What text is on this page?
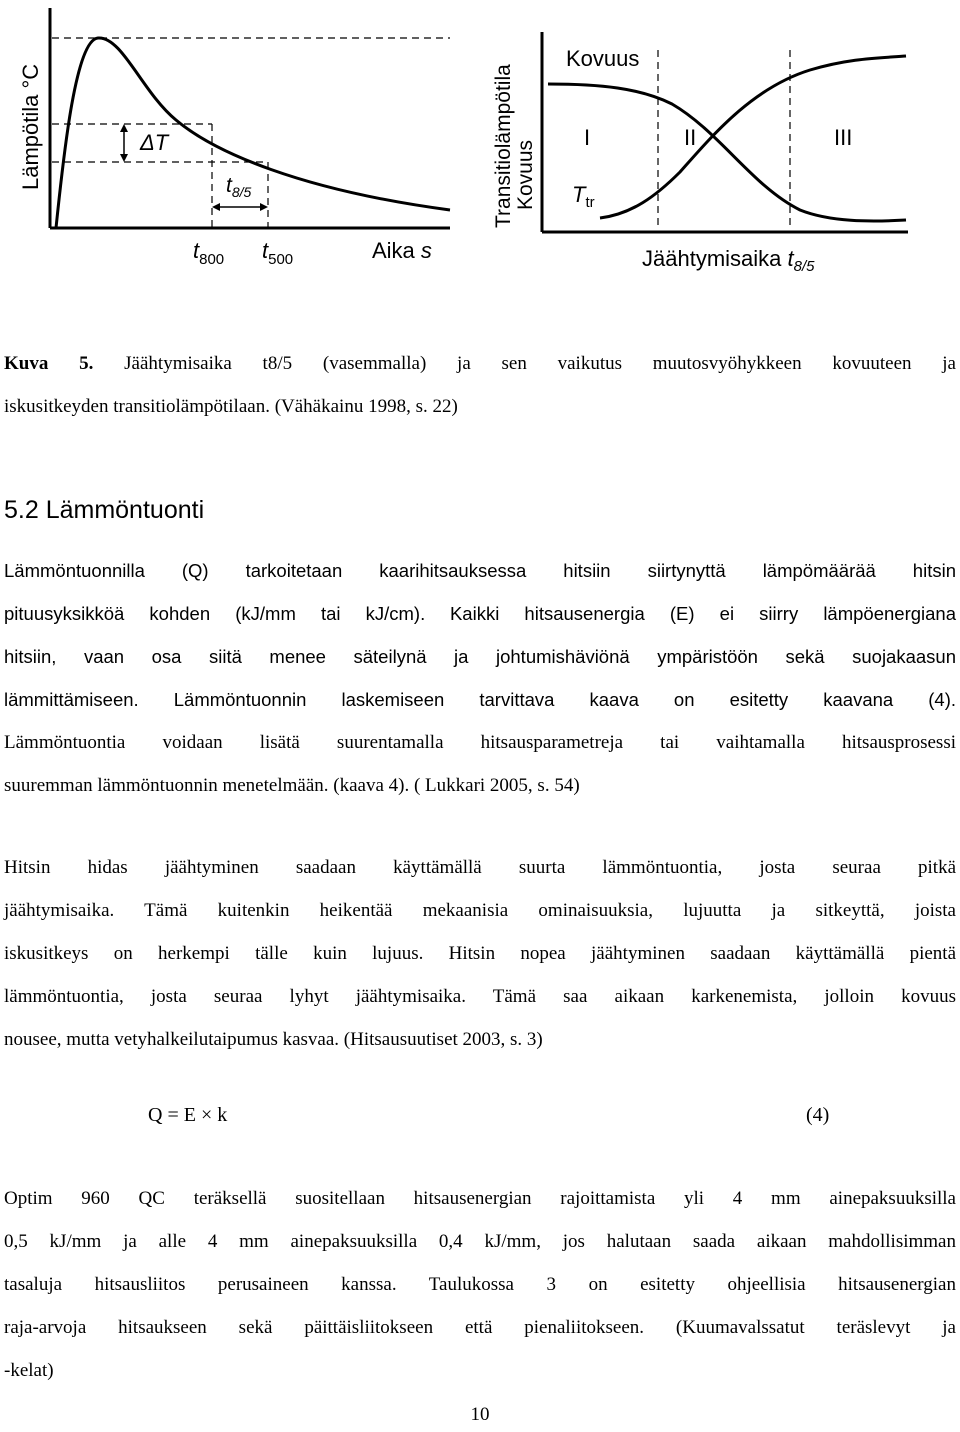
ΔT
$t_{8/5}$
$t_{800}$ $t_{500}$	Aika s
Lämpötila °C
Kovuus
I	II	III
$T_{tr}$
Jäähtymisaika $t_{8/5}$
Transitiolämpötila Kovuus

Kuva 5. Jäähtymisaika t8/5 (vasemmalla) ja sen vaikutus muutosvyöhykkeen kovuuteen ja

iskusitkeyden transitiolämpötilaan. (Vähäkainu 1998, s. 22)

5.2 Lämmöntuonti

Lämmöntuonnilla (Q) tarkoitetaan kaarihitsauksessa hitsiin siirtynyttä lämpömäärää hitsin

pituusyksikköä kohden (kJ/mm tai kJ/cm). Kaikki hitsausenergia (E) ei siirry lämpöenergiana

hitsiin, vaan osa siitä menee säteilynä ja johtumishäviönä ympäristöön sekä suojakaasun

lämmittämiseen. Lämmöntuonnin laskemiseen tarvittava kaava on esitetty kaavana (4).

Lämmöntuontia voidaan lisätä suurentamalla hitsausparametreja tai vaihtamalla hitsausprosessi

suuremman lämmöntuonnin menetelmään. (kaava 4). ( Lukkari 2005, s. 54)

Hitsin hidas jäähtyminen saadaan käyttämällä suurta lämmöntuontia, josta seuraa pitkä

jäähtymisaika. Tämä kuitenkin heikentää mekaanisia ominaisuuksia, lujuutta ja sitkeyttä, joista

iskusitkeys on herkempi tälle kuin lujuus. Hitsin nopea jäähtyminen saadaan käyttämällä pientä

lämmöntuontia, josta seuraa lyhyt jäähtymisaika. Tämä saa aikaan karkenemista, jolloin kovuus

nousee, mutta vetyhalkeilutaipumus kasvaa. (Hitsausuutiset 2003, s. 3)

Q = E × k	(4)

Optim 960 QC teräksellä suositellaan hitsausenergian rajoittamista yli 4 mm ainepaksuuksilla

0,5 kJ/mm ja alle 4 mm ainepaksuuksilla 0,4 kJ/mm, jos halutaan saada aikaan mahdollisimman

tasaluja hitsausliitos perusaineen kanssa. Taulukossa 3 on esitetty ohjeellisia hitsausenergian

raja-arvoja hitsaukseen sekä päittäisliitokseen että pienaliitokseen. (Kuumavalssatut teräslevyt ja

-kelat)

10
